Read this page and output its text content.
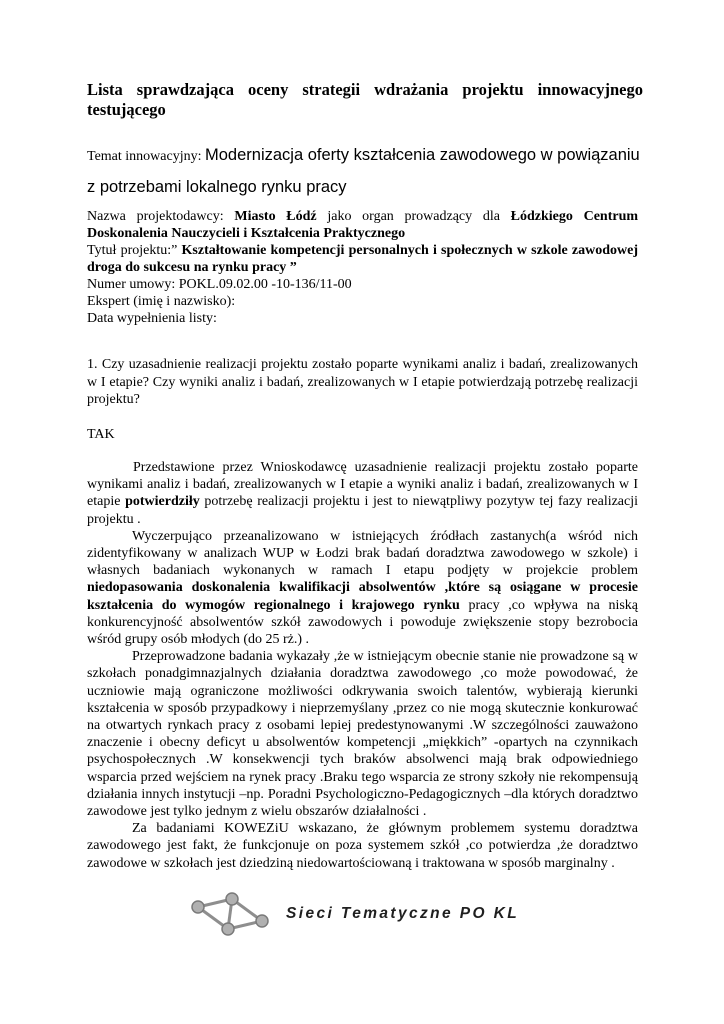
Lista sprawdzająca oceny strategii wdrażania projektu innowacyjnego testującego

Temat innowacyjny: Modernizacja oferty kształcenia zawodowego w powiązaniu z potrzebami lokalnego rynku pracy

Nazwa projektodawcy: Miasto Łódź jako organ prowadzący dla Łódzkiego Centrum Doskonalenia Nauczycieli i Kształcenia Praktycznego

Tytuł projektu:” Kształtowanie kompetencji personalnych i społecznych w szkole zawodowej droga do sukcesu na rynku pracy ”

Numer umowy: POKL.09.02.00 -10-136/11-00

Ekspert (imię i nazwisko):

Data wypełnienia listy:

1. Czy uzasadnienie realizacji projektu zostało poparte wynikami analiz i badań, zrealizowanych w I etapie? Czy wyniki analiz i badań, zrealizowanych w I etapie potwierdzają potrzebę realizacji projektu?

TAK

Przedstawione przez Wnioskodawcę uzasadnienie realizacji projektu zostało poparte wynikami analiz i badań, zrealizowanych w I etapie a wyniki analiz i badań, zrealizowanych w I etapie potwierdziły potrzebę realizacji projektu i jest to niewątpliwy pozytyw tej fazy realizacji projektu .

Wyczerpująco przeanalizowano w istniejących źródłach zastanych(a wśród nich zidentyfikowany w analizach WUP w Łodzi brak badań doradztwa zawodowego w szkole) i własnych badaniach wykonanych w ramach I etapu podjęty w projekcie problem niedopasowania doskonalenia kwalifikacji absolwentów ,które są osiągane w procesie kształcenia do wymogów regionalnego i krajowego rynku pracy ,co wpływa na niską konkurencyjność absolwentów szkół zawodowych i powoduje zwiększenie stopy bezrobocia wśród grupy osób młodych (do 25 rż.) .

Przeprowadzone badania wykazały ,że w istniejącym obecnie stanie nie prowadzone są w szkołach ponadgimnazjalnych działania doradztwa zawodowego ,co może powodować, że uczniowie mają ograniczone możliwości odkrywania swoich talentów, wybierają kierunki kształcenia w sposób przypadkowy i nieprzemyślany ,przez co nie mogą skutecznie konkurować na otwartych rynkach pracy z osobami lepiej predestynowanymi .W szczególności zauważono znaczenie i obecny deficyt u absolwentów kompetencji „miękkich” -opartych na czynnikach psychospołecznych .W konsekwencji tych braków absolwenci mają brak odpowiedniego wsparcia przed wejściem na rynek pracy .Braku tego wsparcia ze strony szkoły nie rekompensują działania innych instytucji –np. Poradni Psychologiczno-Pedagogicznych –dla których doradztwo zawodowe jest tylko jednym z wielu obszarów działalności .

Za badaniami KOWEZiU wskazano, że głównym problemem systemu doradztwa zawodowego jest fakt, że funkcjonuje on poza systemem szkół ,co potwierdza ,że doradztwo zawodowe w szkołach jest dziedziną niedowartościowaną i traktowana w sposób marginalny .

Sieci Tematyczne PO KL
